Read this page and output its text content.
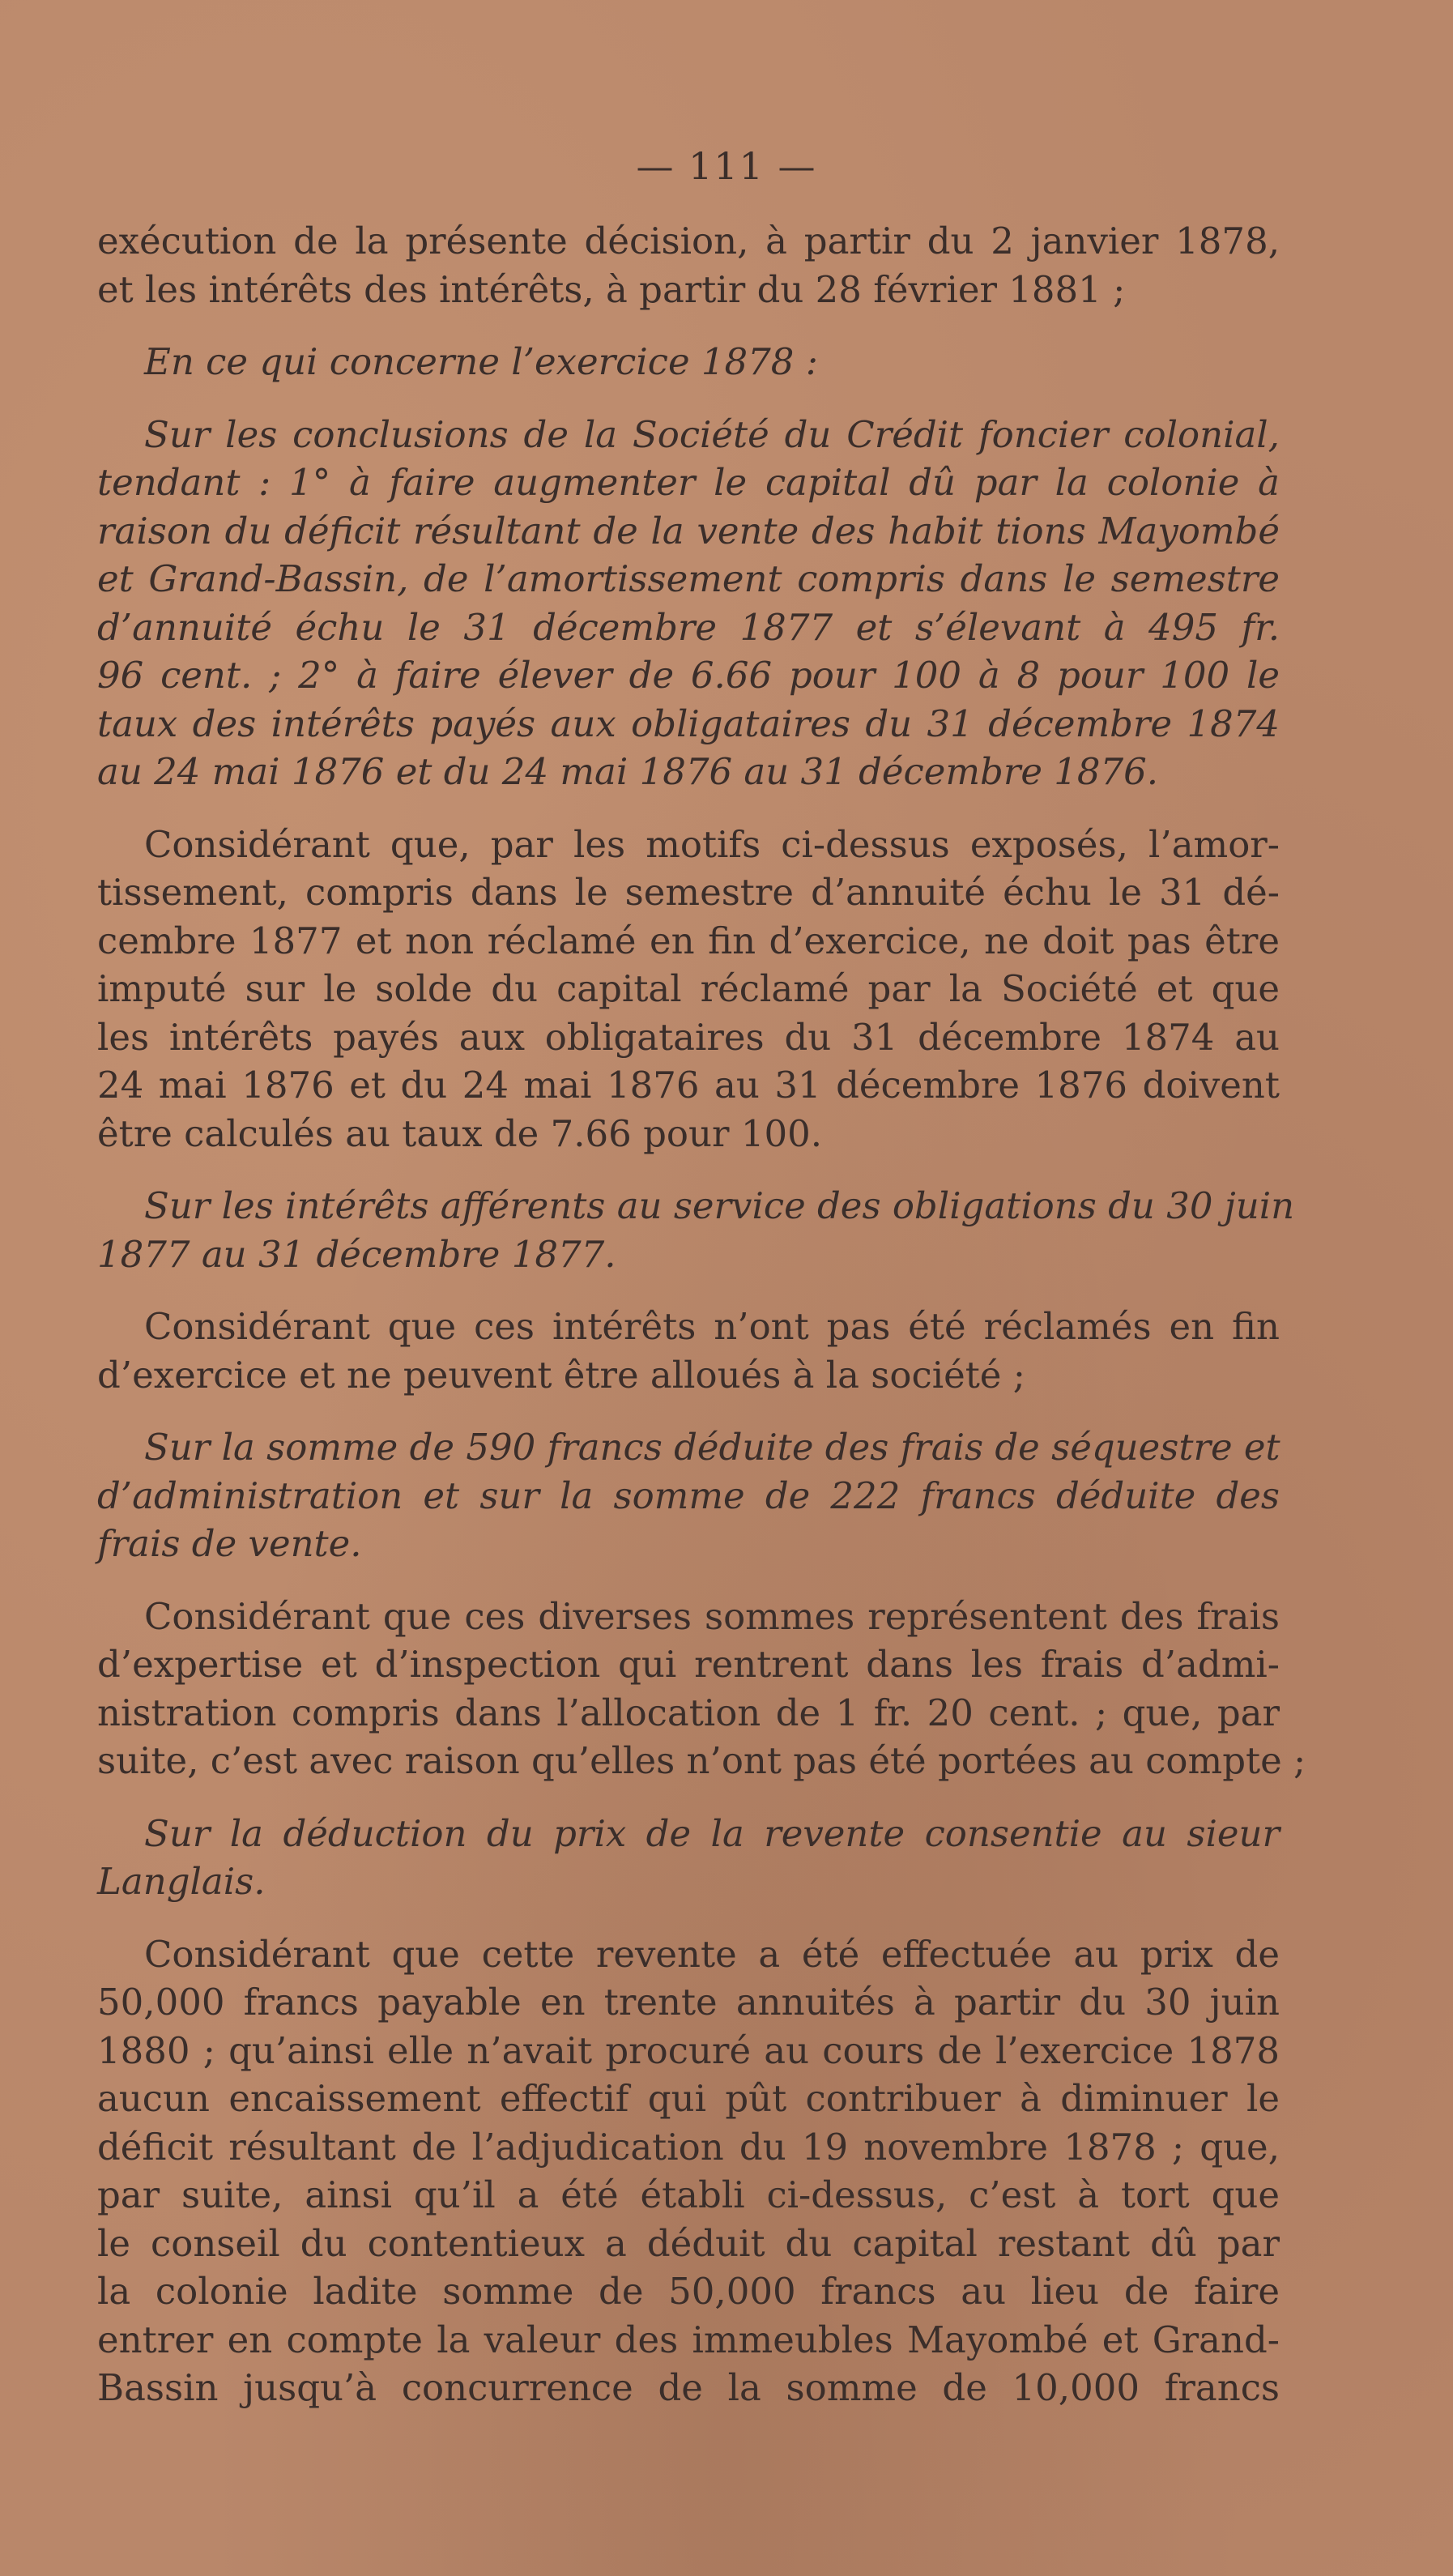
— 111 —
exécution de la présente décision, à partir du 2 janvier 1878,
et les intérêts des intérêts, à partir du 28 février 1881 ;
En ce qui concerne l’exercice 1878 :
Sur les conclusions de la Société du Crédit foncier colonial,
tendant : 1° à faire augmenter le capital dû par la colonie à
raison du déficit résultant de la vente des habit tions Mayombé
et Grand-Bassin, de l’amortissement compris dans le semestre
d’annuité échu le 31 décembre 1877 et s’élevant à 495 fr.
96 cent. ; 2° à faire élever de 6.66 pour 100 à 8 pour 100 le
taux des intérêts payés aux obligataires du 31 décembre 1874
au 24 mai 1876 et du 24 mai 1876 au 31 décembre 1876.
Considérant que, par les motifs ci-dessus exposés, l’amor-
tissement, compris dans le semestre d’annuité échu le 31 dé-
cembre 1877 et non réclamé en fin d’exercice, ne doit pas être
imputé sur le solde du capital réclamé par la Société et que
les intérêts payés aux obligataires du 31 décembre 1874 au
24 mai 1876 et du 24 mai 1876 au 31 décembre 1876 doivent
être calculés au taux de 7.66 pour 100.
Sur les intérêts afférents au service des obligations du 30 juin
1877 au 31 décembre 1877.
Considérant que ces intérêts n’ont pas été réclamés en fin
d’exercice et ne peuvent être alloués à la société ;
Sur la somme de 590 francs déduite des frais de séquestre et
d’administration et sur la somme de 222 francs déduite des
frais de vente.
Considérant que ces diverses sommes représentent des frais
d’expertise et d’inspection qui rentrent dans les frais d’admi-
nistration compris dans l’allocation de 1 fr. 20 cent. ; que, par
suite, c’est avec raison qu’elles n’ont pas été portées au compte ;
Sur la déduction du prix de la revente consentie au sieur
Langlais.
Considérant que cette revente a été effectuée au prix de
50,000 francs payable en trente annuités à partir du 30 juin
1880 ; qu’ainsi elle n’avait procuré au cours de l’exercice 1878
aucun encaissement effectif qui pût contribuer à diminuer le
déficit résultant de l’adjudication du 19 novembre 1878 ; que,
par suite, ainsi qu’il a été établi ci-dessus, c’est à tort que
le conseil du contentieux a déduit du capital restant dû par
la colonie ladite somme de 50,000 francs au lieu de faire
entrer en compte la valeur des immeubles Mayombé et Grand-
Bassin jusqu’à concurrence de la somme de 10,000 francs
